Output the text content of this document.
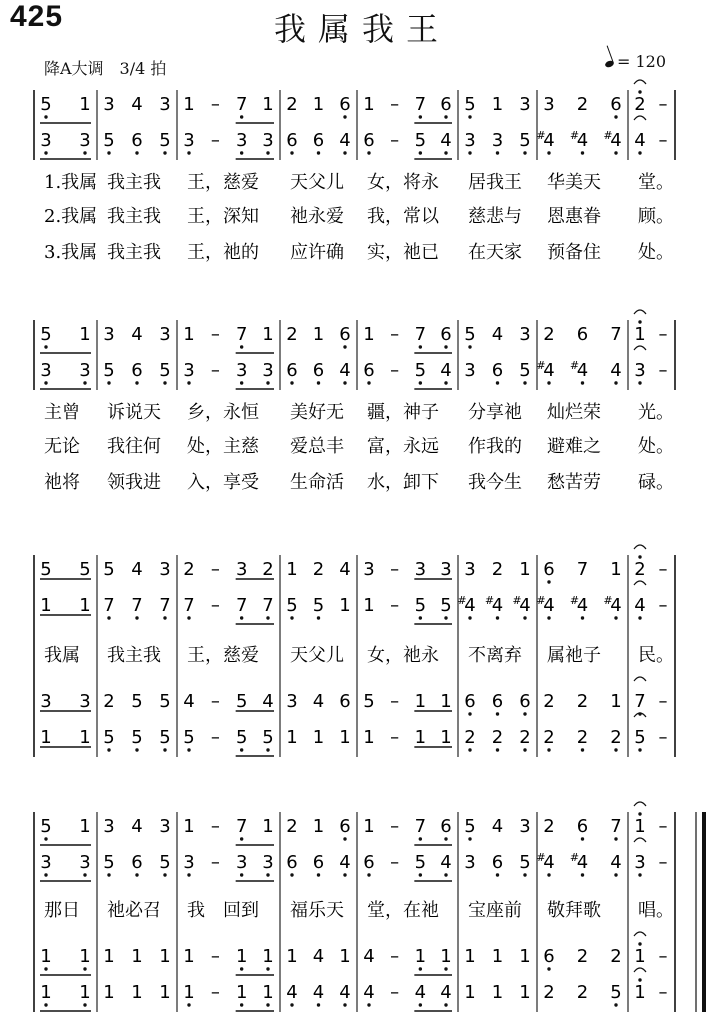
425	我属我王
降A大调　3/4 拍	= 120
5 1 3 4 3 1 – 7 1 2 1 6 1 – 7 6 5 1 3 3 2 6 2 –
3 3 5 6 5 3 – 3 3 6 6 4 6 – 5 4 3 3 5 4
# 4
# 4
# 4 –
1.我属 我主我 王，慈爱 天父儿 女，将永 居我王 华美天 堂。
2.我属 我主我 王，深知 祂永爱 我，常以 慈悲与 恩惠眷 顾。
3.我属 我主我 王，祂的 应许确 实，祂已 在天家 预备住 处。
5 1 3 4 3 1 – 7 1 2 1 6 1 – 7 6 5 4 3 2 6 7 1 –
3 3 5 6 5 3 – 3 3 6 6 4 6 – 5 4 3 6 5 4
# 4
# 4 3 –
主曾 诉说天 乡，永恒 美好无 疆，神子 分享祂 灿烂荣 光。
无论 我往何 处，主慈 爱总丰 富，永远 作我的 避难之 处。
祂将 领我进 入，享受 生命活 水，卸下 我今生 愁苦劳 碌。
5 5 5 4 3 2 – 3 2 1 2 4 3 – 3 3 3 2 1 6 7 1 2 –
1 1 7 7 7 7 – 7 7 5 5 1 1 – 5 5 4
# 4
# 4
# 4
# 4
# 4
# 4 –
3 3 2 5 5 4 – 5 4 3 4 6 5 – 1 1 6 6 6 2 2 1 7 –
1 1 5 5 5 5 – 5 5 1 1 1 1 – 1 1 2 2 2 2 2 2 5 –
我属 我主我 王，慈爱 天父儿 女，祂永 不离弃 属祂子 民。
5 1 3 4 3 1 – 7 1 2 1 6 1 – 7 6 5 4 3 2 6 7 1 –
3 3 5 6 5 3 – 3 3 6 6 4 6 – 5 4 3 6 5 4
# 4
# 4 3 –
1 1 1 1 1 1 – 1 1 1 4 1 4 – 1 1 1 1 1 6 2 2 1 –
1 1 1 1 1 1 – 1 1 4 4 4 4 – 4 4 1 1 1 2 2 5 1 –
那日 祂必召 我　回到 福乐天 堂，在祂 宝座前 敬拜歌 唱。
